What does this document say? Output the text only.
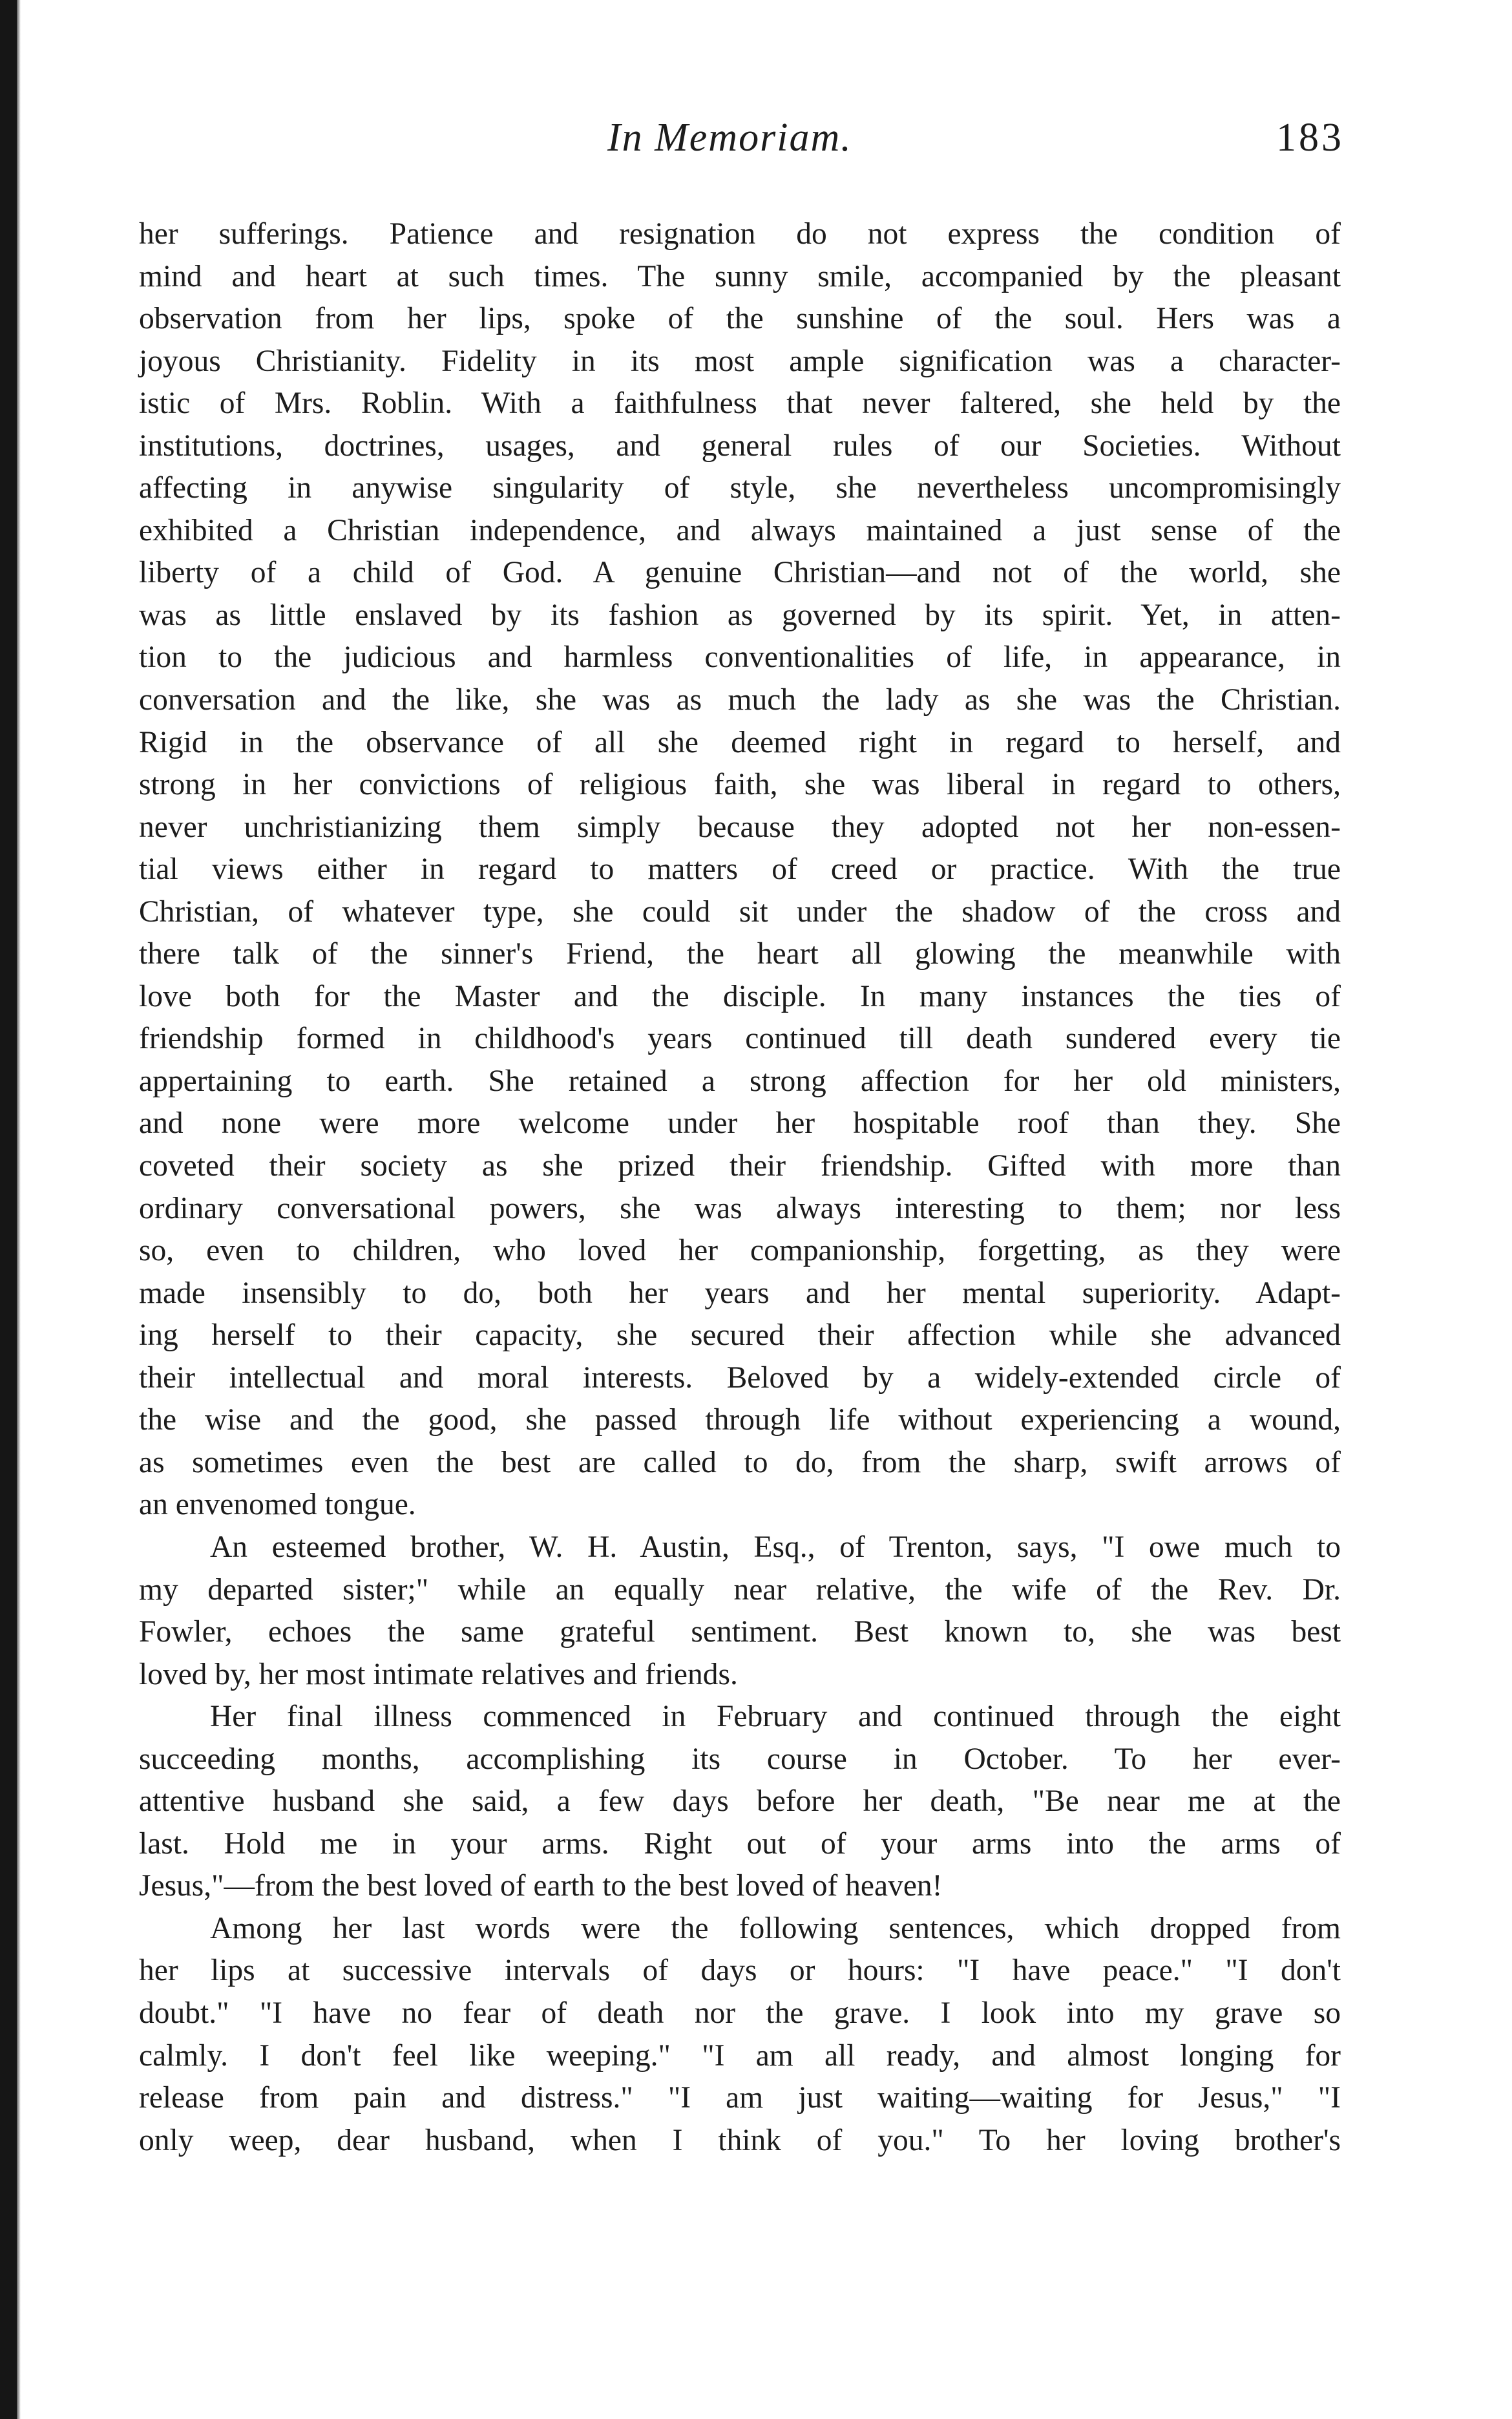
In Memoriam.	183
her sufferings. Patience and resignation do not express the condition of
mind and heart at such times. The sunny smile, accompanied by the pleasant
observation from her lips, spoke of the sunshine of the soul. Hers was a
joyous Christianity. Fidelity in its most ample signification was a character-
istic of Mrs. Roblin. With a faithfulness that never faltered, she held by the
institutions, doctrines, usages, and general rules of our Societies. Without
affecting in anywise singularity of style, she nevertheless uncompromisingly
exhibited a Christian independence, and always maintained a just sense of the
liberty of a child of God. A genuine Christian—and not of the world, she
was as little enslaved by its fashion as governed by its spirit. Yet, in atten-
tion to the judicious and harmless conventionalities of life, in appearance, in
conversation and the like, she was as much the lady as she was the Christian.
Rigid in the observance of all she deemed right in regard to herself, and
strong in her convictions of religious faith, she was liberal in regard to others,
never unchristianizing them simply because they adopted not her non-essen-
tial views either in regard to matters of creed or practice. With the true
Christian, of whatever type, she could sit under the shadow of the cross and
there talk of the sinner's Friend, the heart all glowing the meanwhile with
love both for the Master and the disciple. In many instances the ties of
friendship formed in childhood's years continued till death sundered every tie
appertaining to earth. She retained a strong affection for her old ministers,
and none were more welcome under her hospitable roof than they. She
coveted their society as she prized their friendship. Gifted with more than
ordinary conversational powers, she was always interesting to them; nor less
so, even to children, who loved her companionship, forgetting, as they were
made insensibly to do, both her years and her mental superiority. Adapt-
ing herself to their capacity, she secured their affection while she advanced
their intellectual and moral interests. Beloved by a widely-extended circle of
the wise and the good, she passed through life without experiencing a wound,
as sometimes even the best are called to do, from the sharp, swift arrows of
an envenomed tongue.
An esteemed brother, W. H. Austin, Esq., of Trenton, says, "I owe much to
my departed sister;" while an equally near relative, the wife of the Rev. Dr.
Fowler, echoes the same grateful sentiment. Best known to, she was best
loved by, her most intimate relatives and friends.
Her final illness commenced in February and continued through the eight
succeeding months, accomplishing its course in October. To her ever-
attentive husband she said, a few days before her death, "Be near me at the
last. Hold me in your arms. Right out of your arms into the arms of
Jesus,"—from the best loved of earth to the best loved of heaven!
Among her last words were the following sentences, which dropped from
her lips at successive intervals of days or hours: "I have peace." "I don't
doubt." "I have no fear of death nor the grave. I look into my grave so
calmly. I don't feel like weeping." "I am all ready, and almost longing for
release from pain and distress." "I am just waiting—waiting for Jesus," "I
only weep, dear husband, when I think of you." To her loving brother's
